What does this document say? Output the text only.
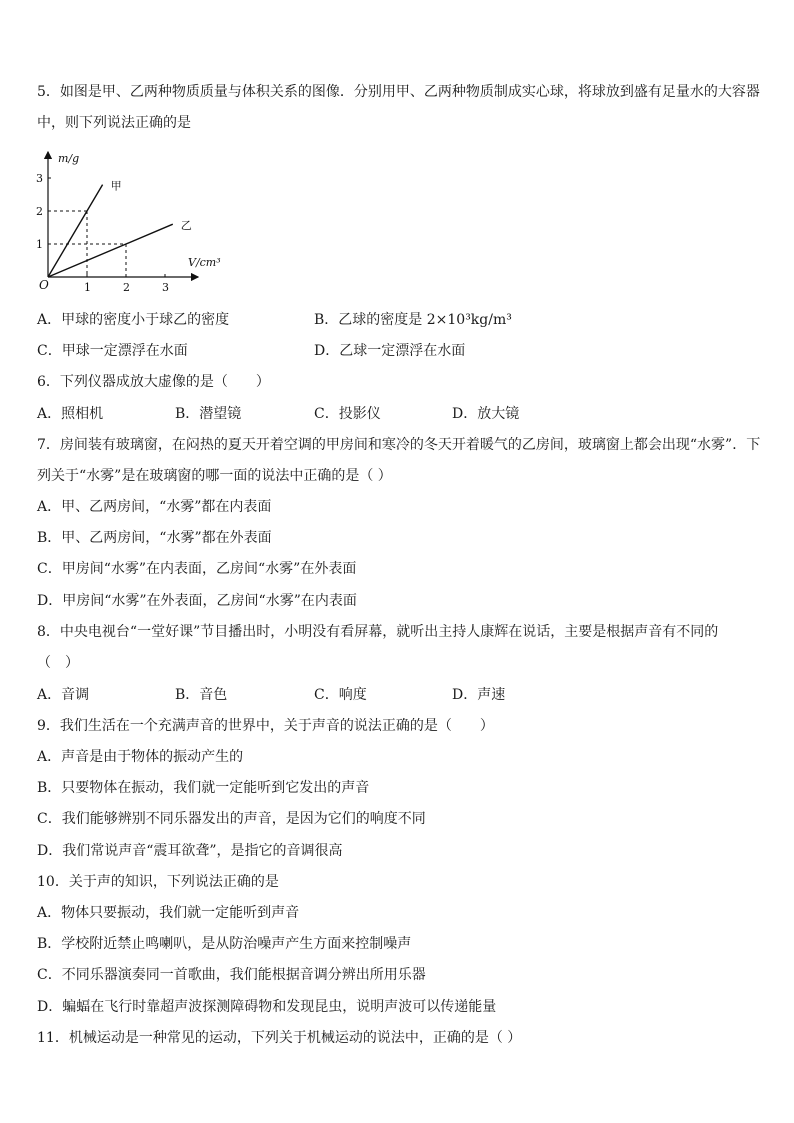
5．如图是甲、乙两种物质质量与体积关系的图像．分别用甲、乙两种物质制成实心球，将球放到盛有足量水的大容器
中，则下列说法正确的是
甲
乙
1	2	3
1
2
3
m/g
V/cm³
O
A．甲球的密度小于球乙的密度	B．乙球的密度是 2×10³kg/m³
C．甲球一定漂浮在水面	D．乙球一定漂浮在水面
6．下列仪器成放大虚像的是（　　）
A．照相机	B．潜望镜	C．投影仪	D．放大镜
7．房间装有玻璃窗，在闷热的夏天开着空调的甲房间和寒冷的冬天开着暖气的乙房间，玻璃窗上都会出现“水雾”．下
列关于“水雾”是在玻璃窗的哪一面的说法中正确的是（ ）
A．甲、乙两房间，“水雾”都在内表面
B．甲、乙两房间，“水雾”都在外表面
C．甲房间“水雾”在内表面，乙房间“水雾”在外表面
D．甲房间“水雾”在外表面，乙房间“水雾”在内表面
8．中央电视台“一堂好课”节目播出时，小明没有看屏幕，就听出主持人康辉在说话，主要是根据声音有不同的
（　）
A．音调	B．音色	C．响度	D．声速
9．我们生活在一个充满声音的世界中，关于声音的说法正确的是（　　）
A．声音是由于物体的振动产生的
B．只要物体在振动，我们就一定能听到它发出的声音
C．我们能够辨别不同乐器发出的声音，是因为它们的响度不同
D．我们常说声音“震耳欲聋”，是指它的音调很高
10．关于声的知识，下列说法正确的是
A．物体只要振动，我们就一定能听到声音
B．学校附近禁止鸣喇叭，是从防治噪声产生方面来控制噪声
C．不同乐器演奏同一首歌曲，我们能根据音调分辨出所用乐器
D．蝙蝠在飞行时靠超声波探测障碍物和发现昆虫，说明声波可以传递能量
11．机械运动是一种常见的运动，下列关于机械运动的说法中，正确的是（ ）
